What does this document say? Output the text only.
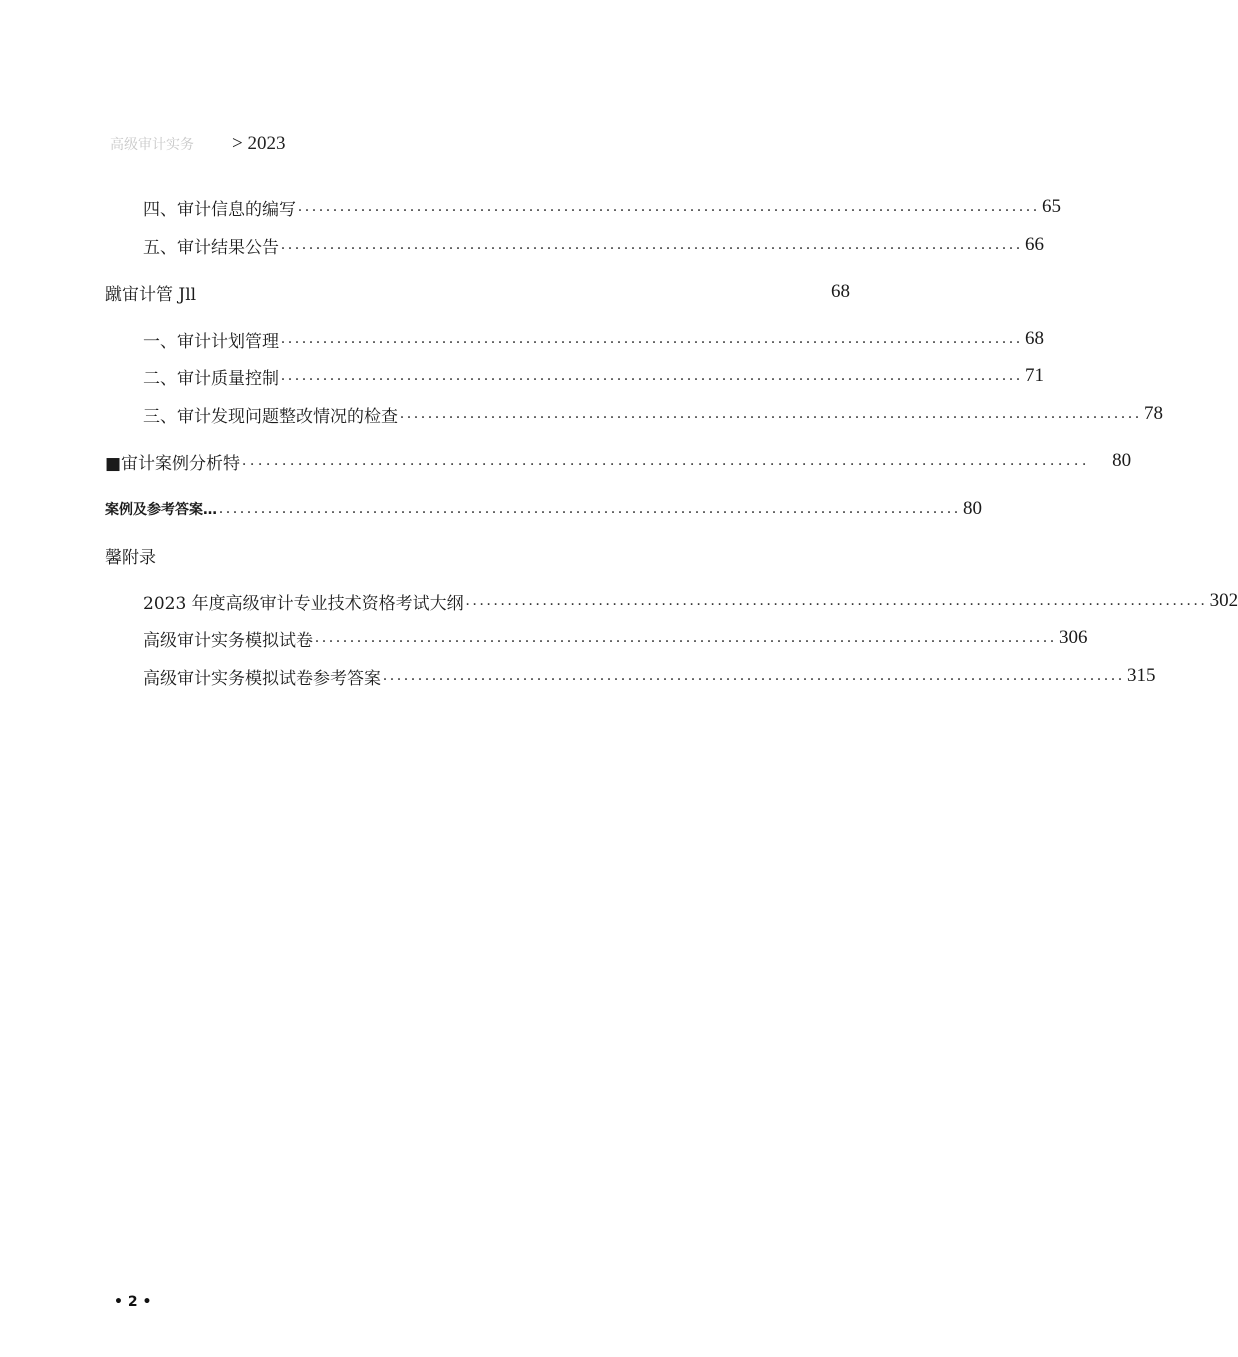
高级审计实务 > 2023
四、审计信息的编写 .......................................................................................................... 65
五、审计结果公告 .......................................................................................................... 66
蹴宙计管 Jll	68
一、审计计划管理 .......................................................................................................... 68
二、审计质量控制 .......................................................................................................... 71
三、审计发现问题整改情况的检查 .......................................................................................................... 78
■宙计案例分析特 .......................................................................................................... 80
案例及参考答案… .......................................................................................................... 80
馨附录
2023 年度高级审计专业技术资格考试大纲 .......................................................................................................... 302
高级审计实务模拟试卷 .......................................................................................................... 306
高级审计实务模拟试卷参考答案 .......................................................................................................... 315
• 2 •
